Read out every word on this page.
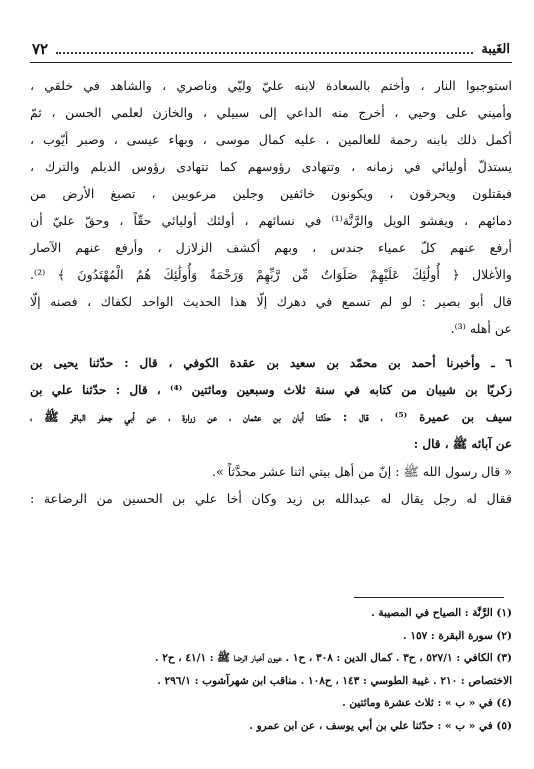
٧٢	الغَيبة
استوجبوا النار ، وأختم بالسعادة لابنه عليّ وليّي وناصري ، والشاهد في خلقي ،
وأميني على وحيي ، أخرج منه الداعي إلى سبيلي ، والخازن لعلمي الحسن ، ثمّ
أكمل ذلك بابنه رحمة للعالمين ، عليه كمال موسى ، وبهاء عيسى ، وصبر أيّوب ،
يستذلّ أوليائي في زمانه ، وتتهادى رؤوسهم كما تتهادى رؤوس الديلم والترك ،
فيقتلون ويحرقون ، ويكونون خائفين وجلين مرعوبين ، تصبغ الأرض من
دمائهم ، ويفشو الويل والرَّنَّة⁽¹⁾ في نسائهم ، أولئك أوليائي حقّاً ، وحقّ عليّ أن
أرفع عنهم كلّ عمياء جندس ، وبهم أكشف الزلازل ، وأرفع عنهم الآصار
والأغلال ﴿ أُولَٰئِكَ عَلَيْهِمْ صَلَوَاتٌ مِّن رَّبِّهِمْ وَرَحْمَةٌ وَأُولَٰئِكَ هُمُ الْمُهْتَدُونَ ﴾ ⁽²⁾.
قال أبو بصير : لو لم تسمع في دهرك إلّا هذا الحديث الواحد لكفاك ، فصنه إلّا
عن أهله ⁽³⁾.
٦ ـ وأخبرنا أحمد بن محمّد بن سعيد بن عقدة الكوفي ، قال : حدّثنا يحيى بن
زكريّا بن شيبان من كتابه في سنة ثلاث وسبعين ومائتين ⁽⁴⁾ ، قال : حدّثنا علي بن
سيف بن عميرة ⁽⁵⁾ ، قال : حدّثنا أبان بن عثمان ، عن زرارة ، عن أبي جعفر الباقر ﷺ ،
عن آبائه ﷺ ، قال :
« قال رسول الله ﷺ : إنّ من أهل بيتي اثنا عشر محدَّثاً ».
فقال له رجل يقال له عبدالله بن زيد وكان أخا علي بن الحسين من الرضاعة :
(١) الرَّنَّة : الصياح في المصيبة .
(٢) سورة البقرة : ١٥٧ .
(٣) الكافي : ٥٢٧/١ ، ح٣ . كمال الدين : ٣٠٨ ، ح١ . عيون أخبار الرضا ﷺ : ٤١/١ ، ح٢ .
الاختصاص : ٢١٠ . غيبة الطوسي : ١٤٣ ، ح١٠٨ . مناقب ابن شهرآشوب : ٢٩٦/١ .
(٤) في « ب » : ثلاث عشرة ومائتين .
(٥) في « ب » : حدّثنا علي بن أبي يوسف ، عن ابن عمرو .
